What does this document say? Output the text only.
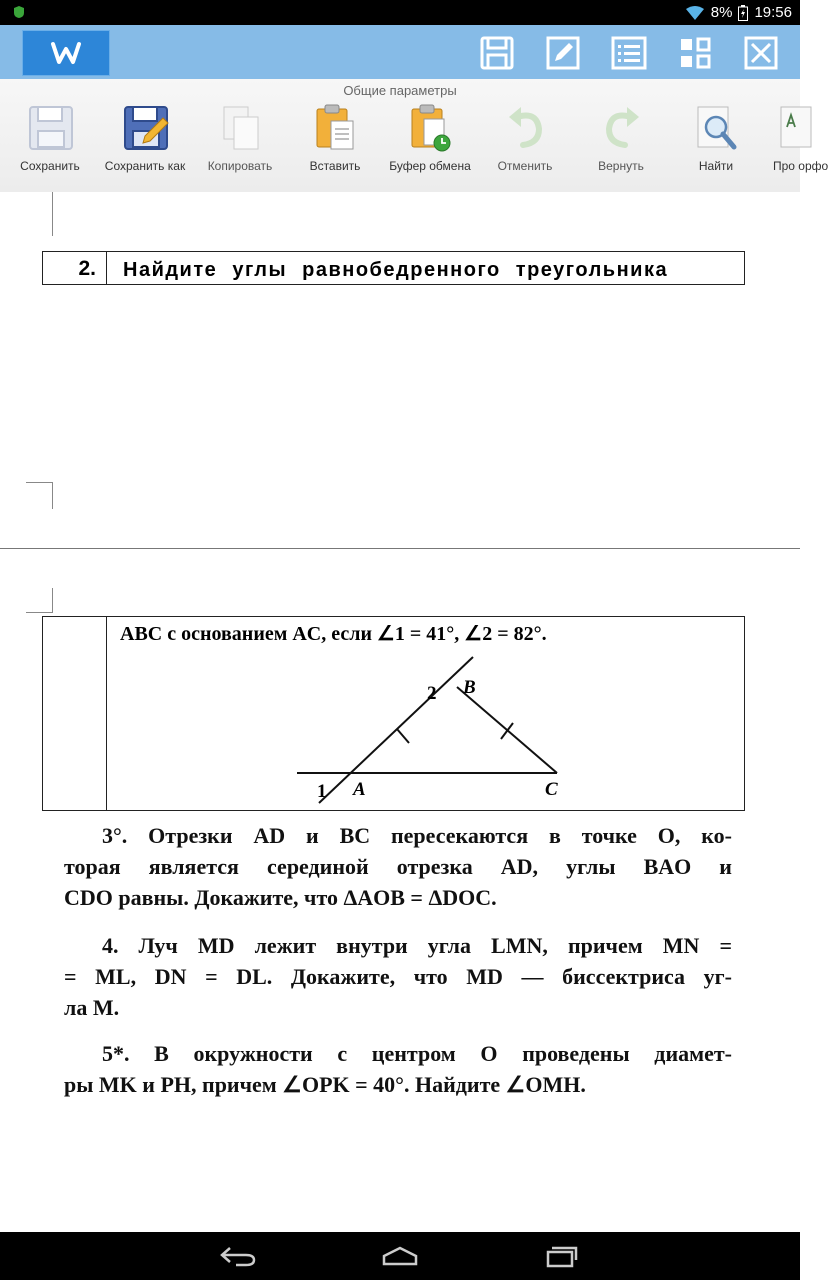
8% 19:56
Общие параметры
Сохранить	Сохранить как	Копировать	Вставить	Буфер обмена	Отменить	Вернуть	Найти	Про орфо
2.	Найдите углы равнобедренного треугольника
ABC с основанием AC, если ∠1 = 41°, ∠2 = 82°.
2 B
1 A	C
3°. Отрезки AD и BC пересекаются в точке O, ко-
торая является серединой отрезка AD, углы BAO и
CDO равны. Докажите, что ΔAOB = ΔDOC.
4. Луч MD лежит внутри угла LMN, причем MN =
= ML, DN = DL. Докажите, что MD — биссектриса уг-
ла M.
5*. В окружности с центром O проведены диамет-
ры MK и PH, причем ∠OPK = 40°. Найдите ∠OMH.
